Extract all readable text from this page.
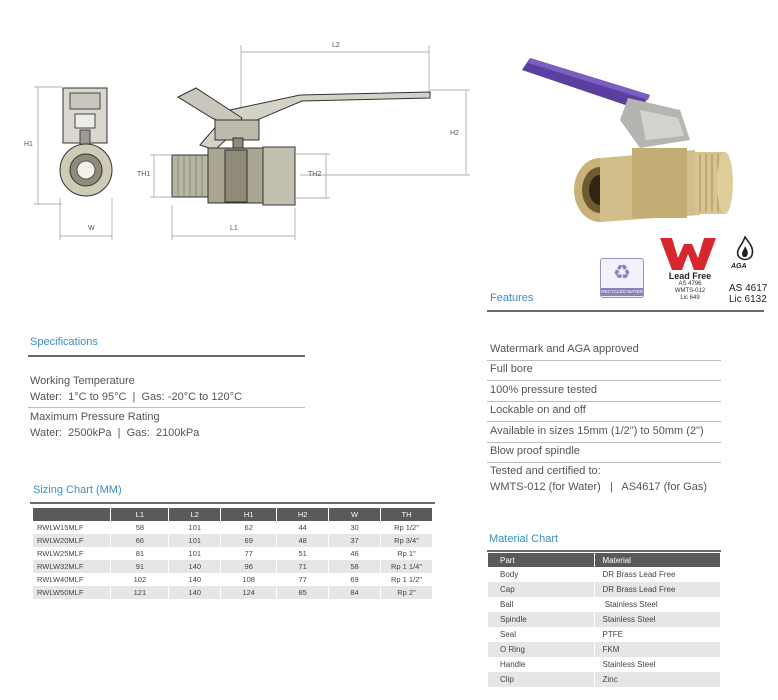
L2
H1
H2
TH1	TH2
W	L1
♻
RECYCLED WATER
Lead Free
AS 4796
WMTS-012
Lic 649
AGA
AS 4617
Lic 6132
Features
Watermark and AGA approved
Full bore
100% pressure tested
Lockable on and off
Available in sizes 15mm (1/2") to 50mm (2")
Blow proof spindle
Tested and certified to:
WMTS-012 (for Water)   |   AS4617 (for Gas)
Specifications
Working Temperature
Water:  1°C to 95°C  |  Gas: -20°C to 120°C
Maximum Pressure Rating
Water:  2500kPa  |  Gas:  2100kPa
Sizing Chart (MM)
	L1	L2	H1	H2	W	TH
RWLW15MLF	58	101	62	44	30	Rp 1/2"
RWLW20MLF	66	101	69	48	37	Rp 3/4"
RWLW25MLF	81	101	77	51	46	Rp 1"
RWLW32MLF	91	140	96	71	58	Rp 1 1/4"
RWLW40MLF	102	140	108	77	69	Rp 1 1/2"
RWLW50MLF	121	140	124	85	84	Rp 2"
Material Chart
Part	Material
Body	DR Brass Lead Free
Cap	DR Brass Lead Free
Ball	Stainless Steel
Spindle	Stainless Steel
Seal	PTFE
O Ring	FKM
Handle	Stainless Steel
Clip	Zinc
